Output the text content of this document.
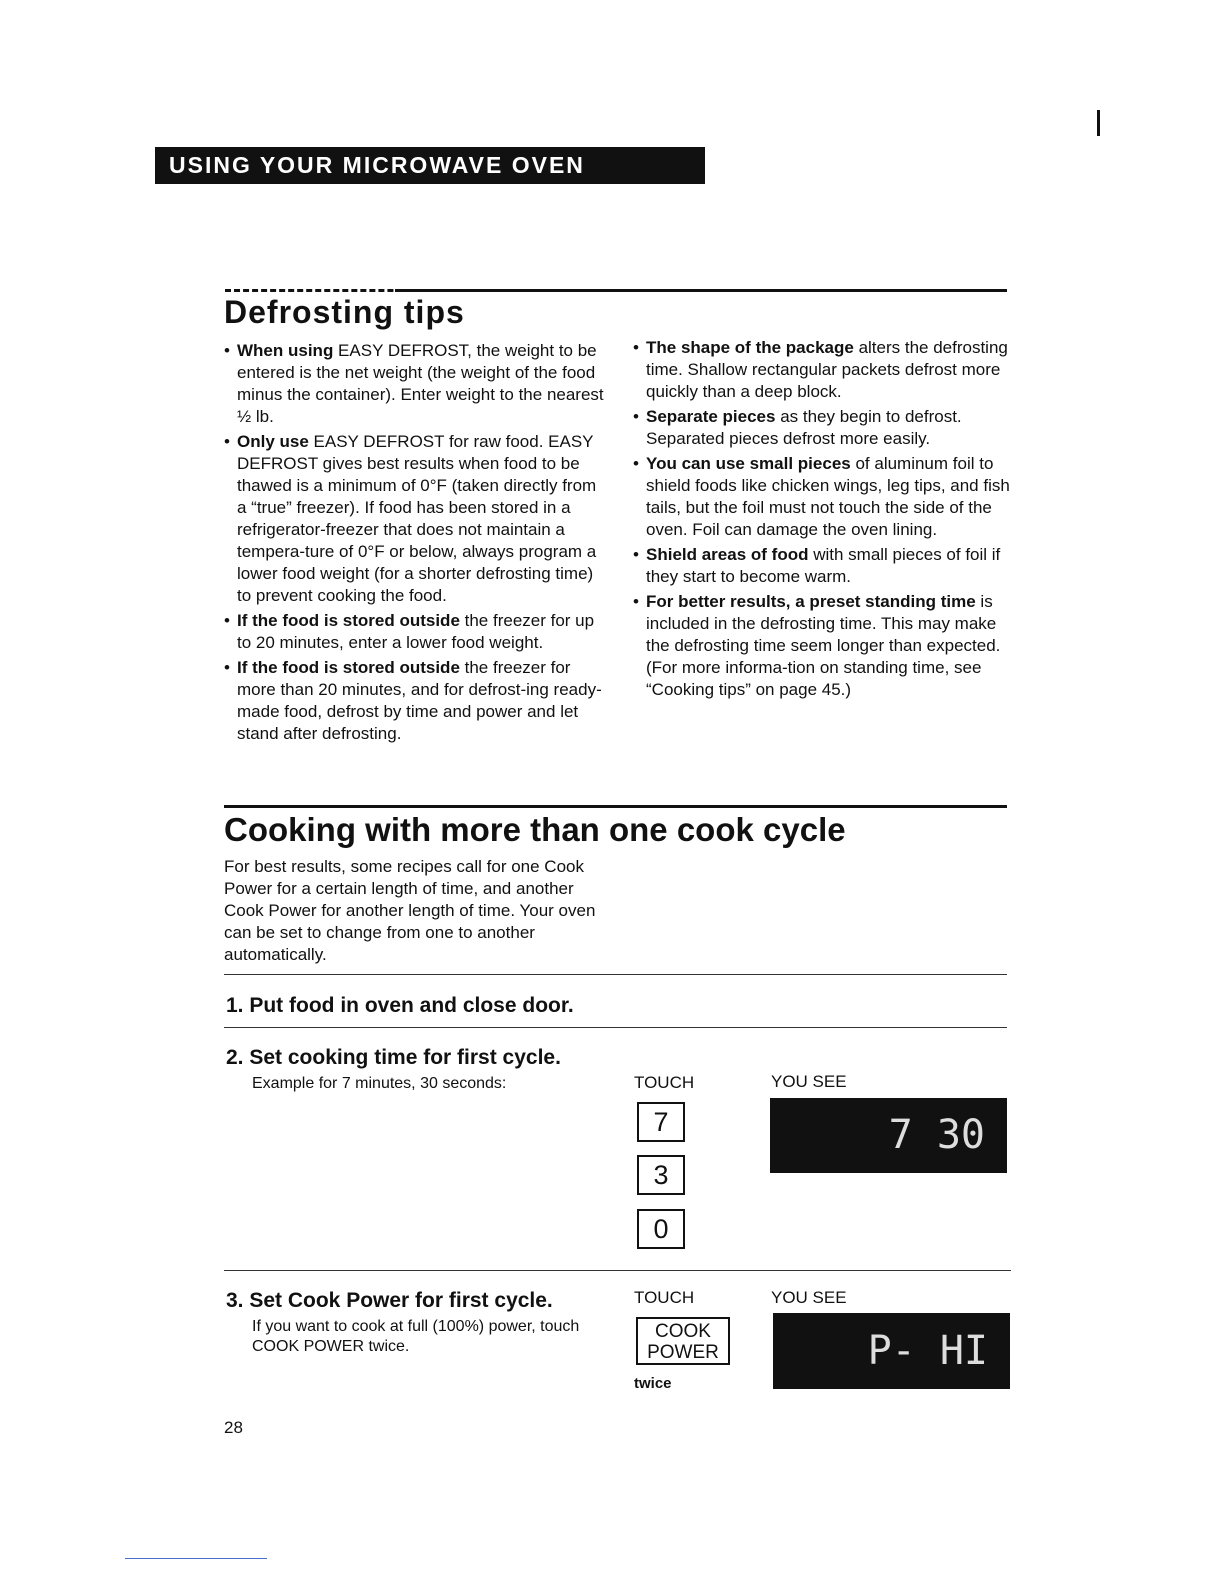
USING YOUR MICROWAVE OVEN
Defrosting tips
• When using EASY DEFROST, the weight to be entered is the net weight (the weight of the food minus the container). Enter weight to the nearest ½ lb.
• Only use EASY DEFROST for raw food. EASY DEFROST gives best results when food to be thawed is a minimum of 0°F (taken directly from a “true” freezer). If food has been stored in a refrigerator-freezer that does not maintain a tempera-ture of 0°F or below, always program a lower food weight (for a shorter defrosting time) to prevent cooking the food.
• If the food is stored outside the freezer for up to 20 minutes, enter a lower food weight.
• If the food is stored outside the freezer for more than 20 minutes, and for defrost-ing ready-made food, defrost by time and power and let stand after defrosting.
• The shape of the package alters the defrosting time. Shallow rectangular packets defrost more quickly than a deep block.
• Separate pieces as they begin to defrost. Separated pieces defrost more easily.
• You can use small pieces of aluminum foil to shield foods like chicken wings, leg tips, and fish tails, but the foil must not touch the side of the oven. Foil can damage the oven lining.
• Shield areas of food with small pieces of foil if they start to become warm.
• For better results, a preset standing time is included in the defrosting time. This may make the defrosting time seem longer than expected. (For more informa-tion on standing time, see “Cooking tips” on page 45.)
Cooking with more than one cook cycle
For best results, some recipes call for one Cook Power for a certain length of time, and another Cook Power for another length of time. Your oven can be set to change from one to another automatically.
1. Put food in oven and close door.
2. Set cooking time for first cycle.
Example for 7 minutes, 30 seconds:	TOUCH	YOU SEE
7
3
0
7 30
3. Set Cook Power for first cycle.
If you want to cook at full (100%) power, touch COOK POWER twice.
TOUCH	YOU SEE
COOK
POWER
twice
P- HI
28
